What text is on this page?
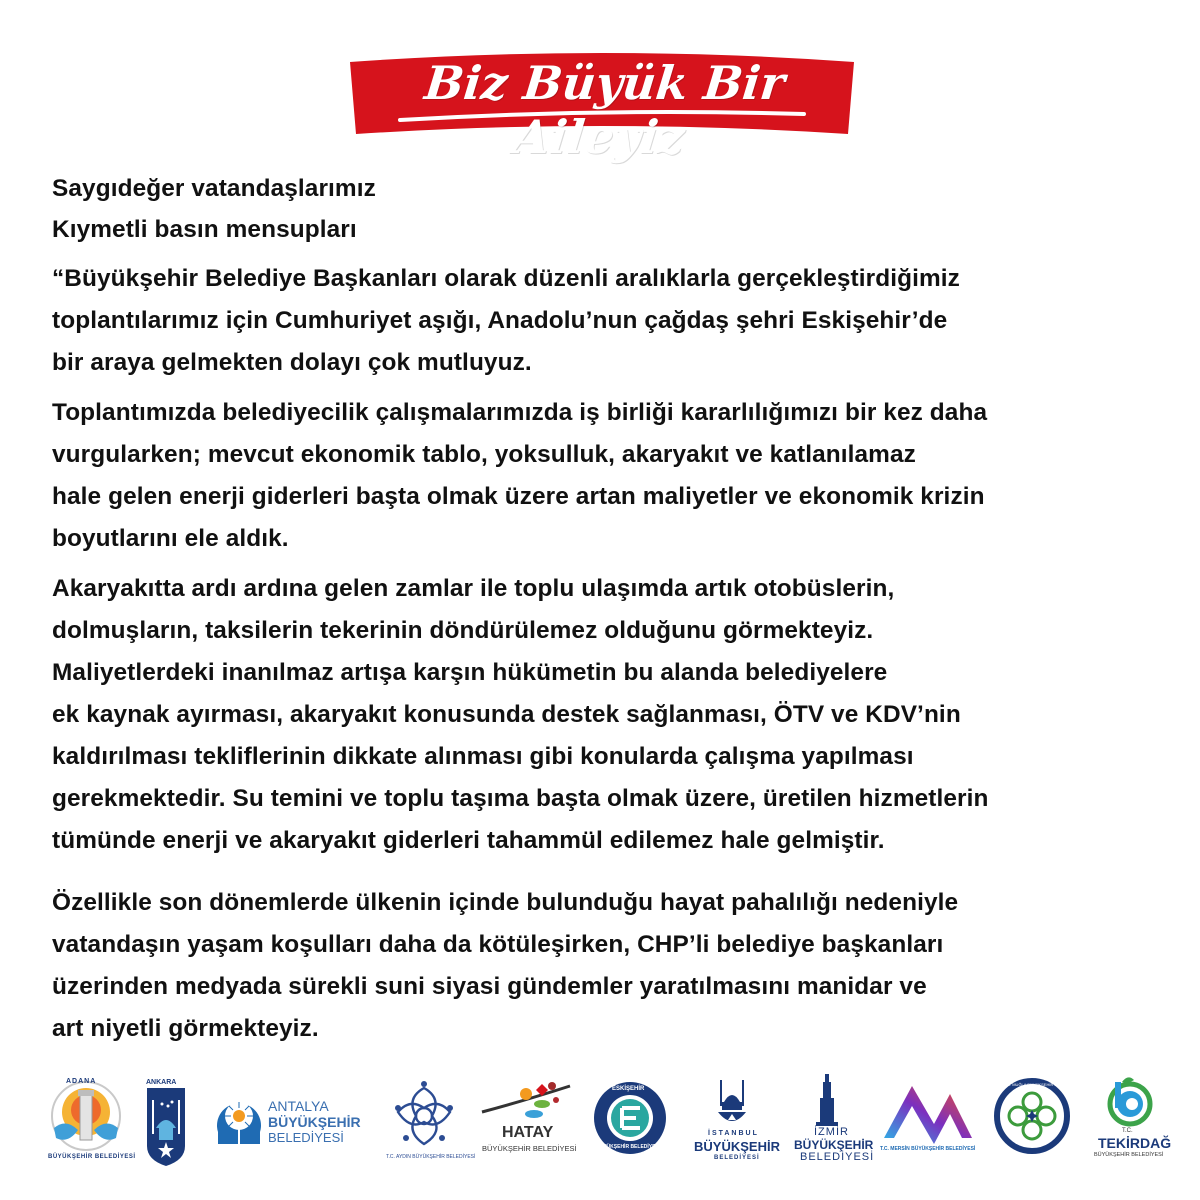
Biz Büyük Bir Aileyiz
Saygıdeğer vatandaşlarımız
Kıymetli basın mensupları
“Büyükşehir Belediye Başkanları olarak düzenli aralıklarla gerçekleştirdiğimiz
toplantılarımız için Cumhuriyet aşığı, Anadolu’nun çağdaş şehri Eskişehir’de
bir araya gelmekten dolayı çok mutluyuz.
Toplantımızda belediyecilik çalışmalarımızda iş birliği kararlılığımızı bir kez daha
vurgularken; mevcut ekonomik tablo, yoksulluk, akaryakıt ve katlanılamaz
hale gelen enerji giderleri başta olmak üzere artan maliyetler ve ekonomik krizin
boyutlarını ele aldık.
Akaryakıtta ardı ardına gelen zamlar ile toplu ulaşımda artık otobüslerin,
dolmuşların, taksilerin tekerinin döndürülemez olduğunu görmekteyiz.
Maliyetlerdeki inanılmaz artışa karşın hükümetin bu alanda belediyelere
ek kaynak ayırması, akaryakıt konusunda destek sağlanması, ÖTV ve KDV’nin
kaldırılması tekliflerinin dikkate alınması gibi konularda çalışma yapılması
gerekmektedir. Su temini ve toplu taşıma başta olmak üzere, üretilen hizmetlerin
tümünde enerji ve akaryakıt giderleri tahammül edilemez hale gelmiştir.
Özellikle son dönemlerde ülkenin içinde bulunduğu hayat pahalılığı nedeniyle
vatandaşın yaşam koşulları daha da kötüleşirken, CHP’li belediye başkanları
üzerinden medyada sürekli suni siyasi gündemler yaratılmasını manidar ve
art niyetli görmekteyiz.
ADANA
BÜYÜKŞEHİR BELEDİYESİ
ANKARA
ANTALYA
BÜYÜKŞEHİR
BELEDİYESİ
T.C. AYDIN BÜYÜKŞEHİR BELEDİYESİ
HATAY
BÜYÜKŞEHİR BELEDİYESİ
ESKİŞEHİR
BÜYÜKŞEHİR BELEDİYESİ
İSTANBUL
BÜYÜKŞEHİR
BELEDİYESİ
İZMİR
BÜYÜKŞEHİR
BELEDİYESİ
T.C. MERSİN BÜYÜKŞEHİR BELEDİYESİ
T.C. MUĞLA BÜYÜKŞEHİR BELEDİYESİ
T.C.
TEKİRDAĞ
BÜYÜKŞEHİR BELEDİYESİ
